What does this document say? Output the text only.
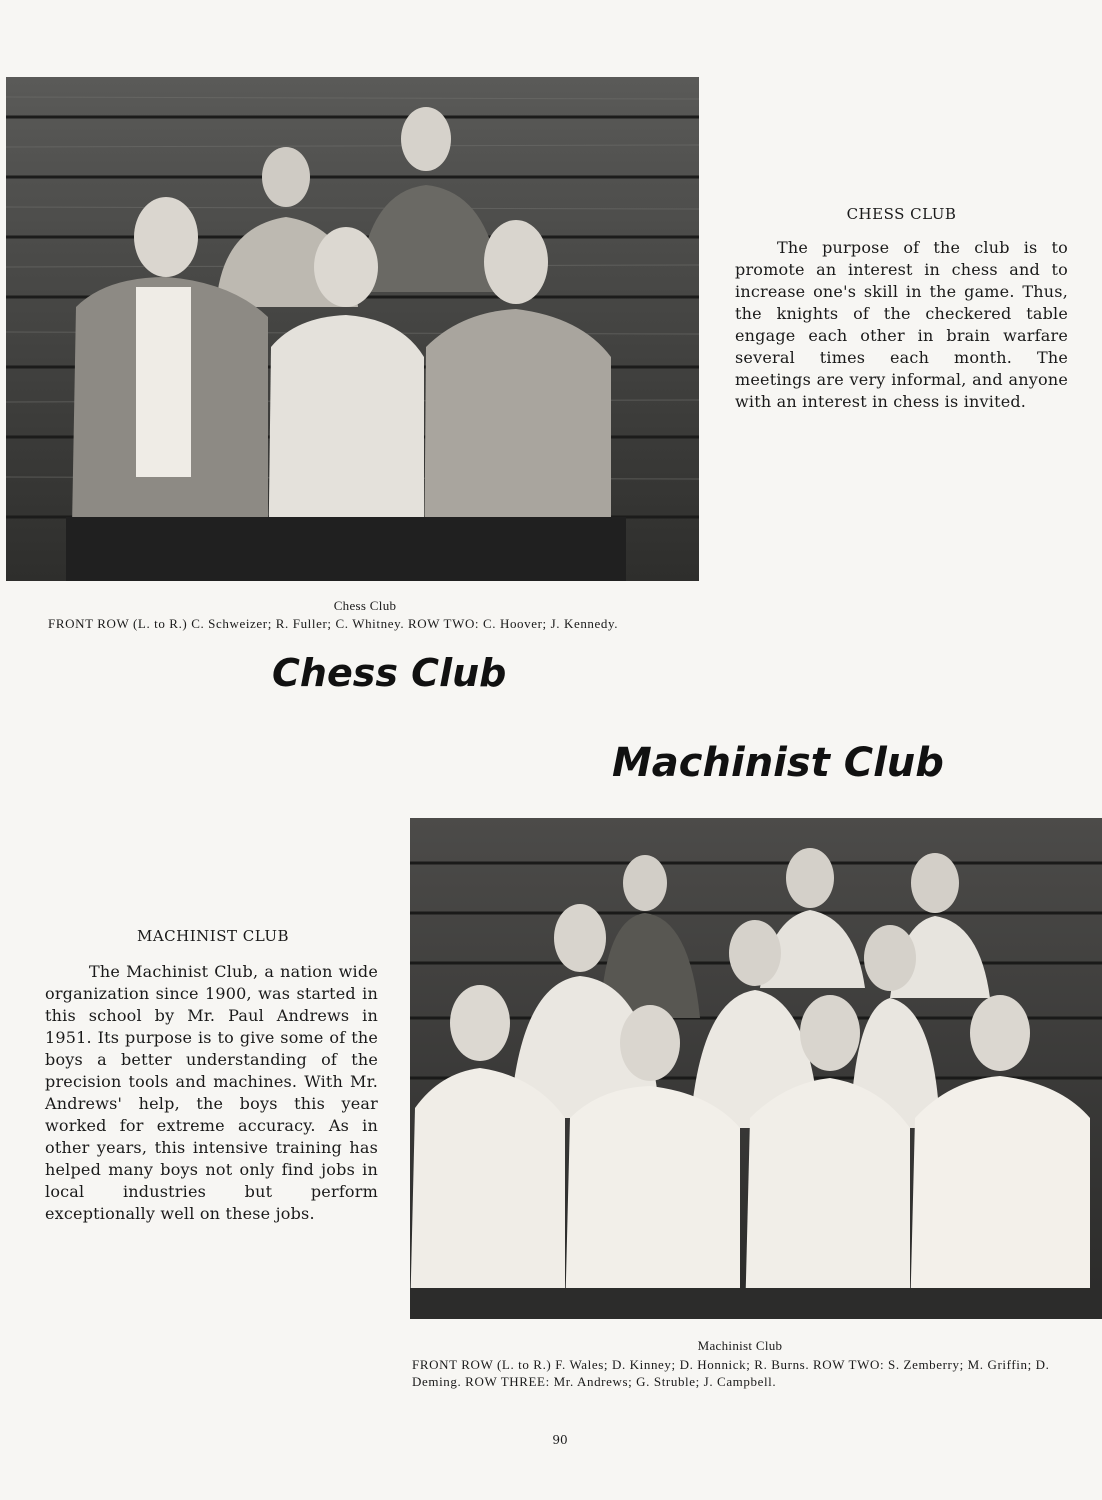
Chess Club
FRONT ROW (L. to R.) C. Schweizer; R. Fuller; C. Whitney. ROW TWO: C. Hoover; J. Kennedy.
Chess Club
CHESS CLUB
The purpose of the club is to promote an interest in chess and to increase one's skill in the game. Thus, the knights of the checkered table engage each other in brain warfare several times each month. The meetings are very informal, and anyone with an interest in chess is invited.
Machinist Club
MACHINIST CLUB
The Machinist Club, a nation wide organization since 1900, was started in this school by Mr. Paul Andrews in 1951. Its purpose is to give some of the boys a better understanding of the precision tools and machines. With Mr. Andrews' help, the boys this year worked for extreme accuracy. As in other years, this intensive training has helped many boys not only find jobs in local industries but perform exceptionally well on these jobs.
Machinist Club
FRONT ROW (L. to R.) F. Wales; D. Kinney; D. Honnick; R. Burns. ROW TWO: S. Zemberry; M. Griffin; D. Deming. ROW THREE: Mr. Andrews; G. Struble; J. Campbell.
90
